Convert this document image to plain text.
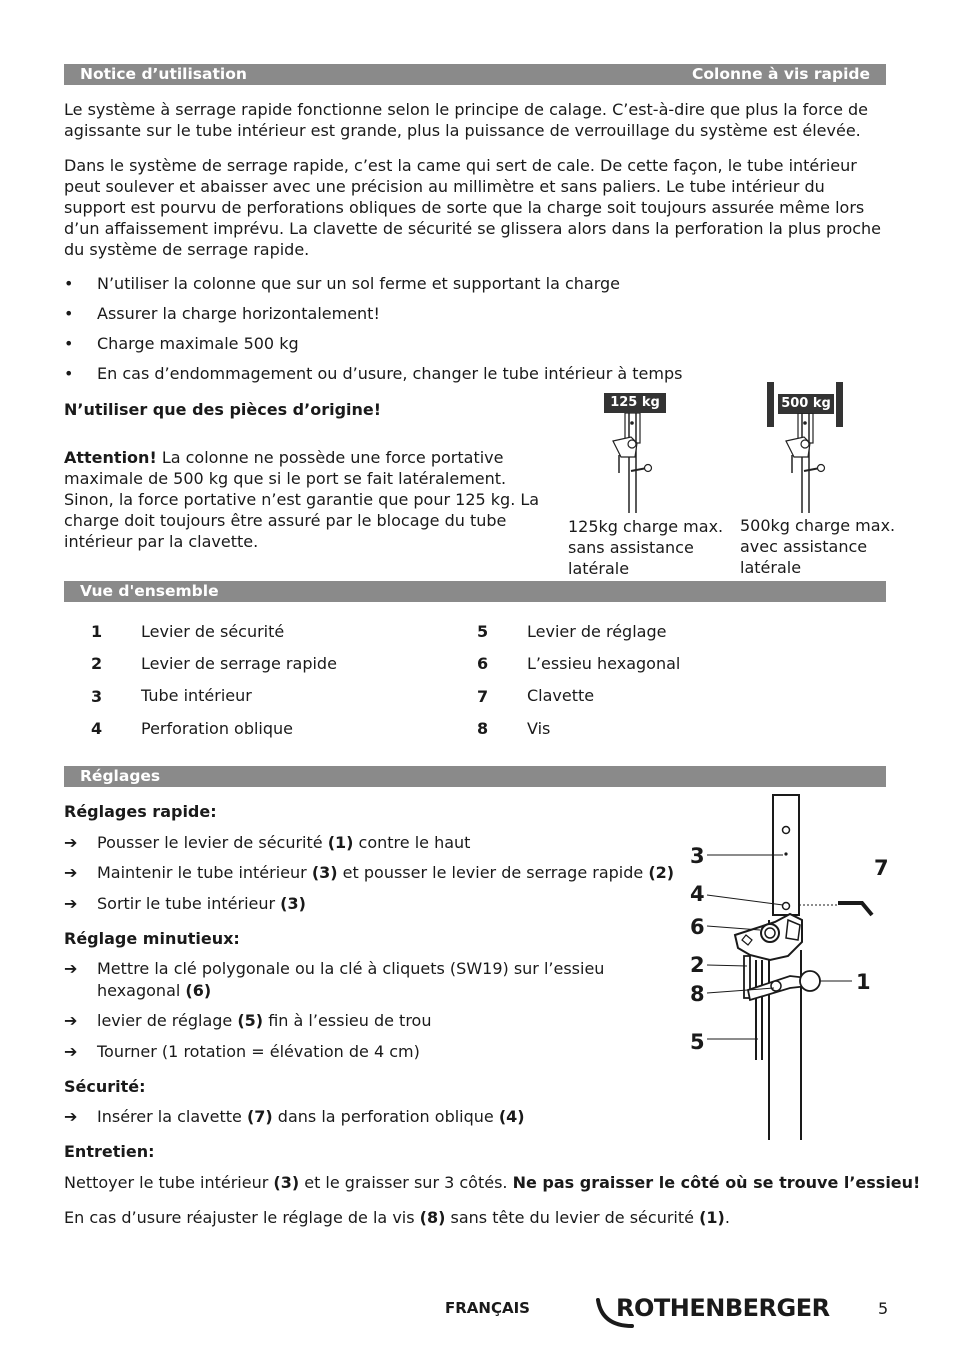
Notice d’utilisation	Colonne à vis rapide
Le système à serrage rapide fonctionne selon le principe de calage. C’est-à-dire que plus la force de agissante sur le tube intérieur est grande, plus la puissance de verrouillage du système est élevée.
Dans le système de serrage rapide, c’est la came qui sert de cale. De cette façon, le tube intérieur peut soulever et abaisser avec une précision au millimètre et sans paliers. Le tube intérieur du support est pourvu de perforations obliques de sorte que la charge soit toujours assurée même lors d’un affaissement imprévu. La clavette de sécurité se glissera alors dans la perforation la plus proche du système de serrage rapide.
• N’utiliser la colonne que sur un sol ferme et supportant la charge
• Assurer la charge horizontalement!
• Charge maximale 500 kg
• En cas d’endommagement ou d’usure, changer le tube intérieur à temps
N’utiliser que des pièces d’origine!
Attention! La colonne ne possède une force portative maximale de 500 kg que si le port se fait latéralement. Sinon, la force portative n’est garantie que pour 125 kg. La charge doit toujours être assuré par le blocage du tube intérieur par la clavette.
125 kg	500 kg
125kg charge max. sans assistance latérale
500kg charge max. avec assistance latérale
Vue d'ensemble
1 Levier de sécurité
2 Levier de serrage rapide
3 Tube intérieur
4 Perforation oblique
5 Levier de réglage
6 L’essieu hexagonal
7 Clavette
8 Vis
Réglages
Réglages rapide:
➔ Pousser le levier de sécurité (1) contre le haut
➔ Maintenir le tube intérieur (3) et pousser le levier de serrage rapide (2)
➔ Sortir le tube intérieur (3)
Réglage minutieux:
➔ Mettre la clé polygonale ou la clé à cliquets (SW19) sur l’essieu
hexagonal (6)
➔ levier de réglage (5) fin à l’essieu de trou
➔ Tourner (1 rotation = élévation de 4 cm)
Sécurité:
➔ Insérer la clavette (7) dans la perforation oblique (4)
Entretien:
Nettoyer le tube intérieur (3) et le graisser sur 3 côtés. Ne pas graisser le côté où se trouve l’essieu!
En cas d’usure réajuster le réglage de la vis (8) sans tête du levier de sécurité (1).
3
4
6
2
8
5
7
1
FRANÇAIS	ROTHENBERGER	5
